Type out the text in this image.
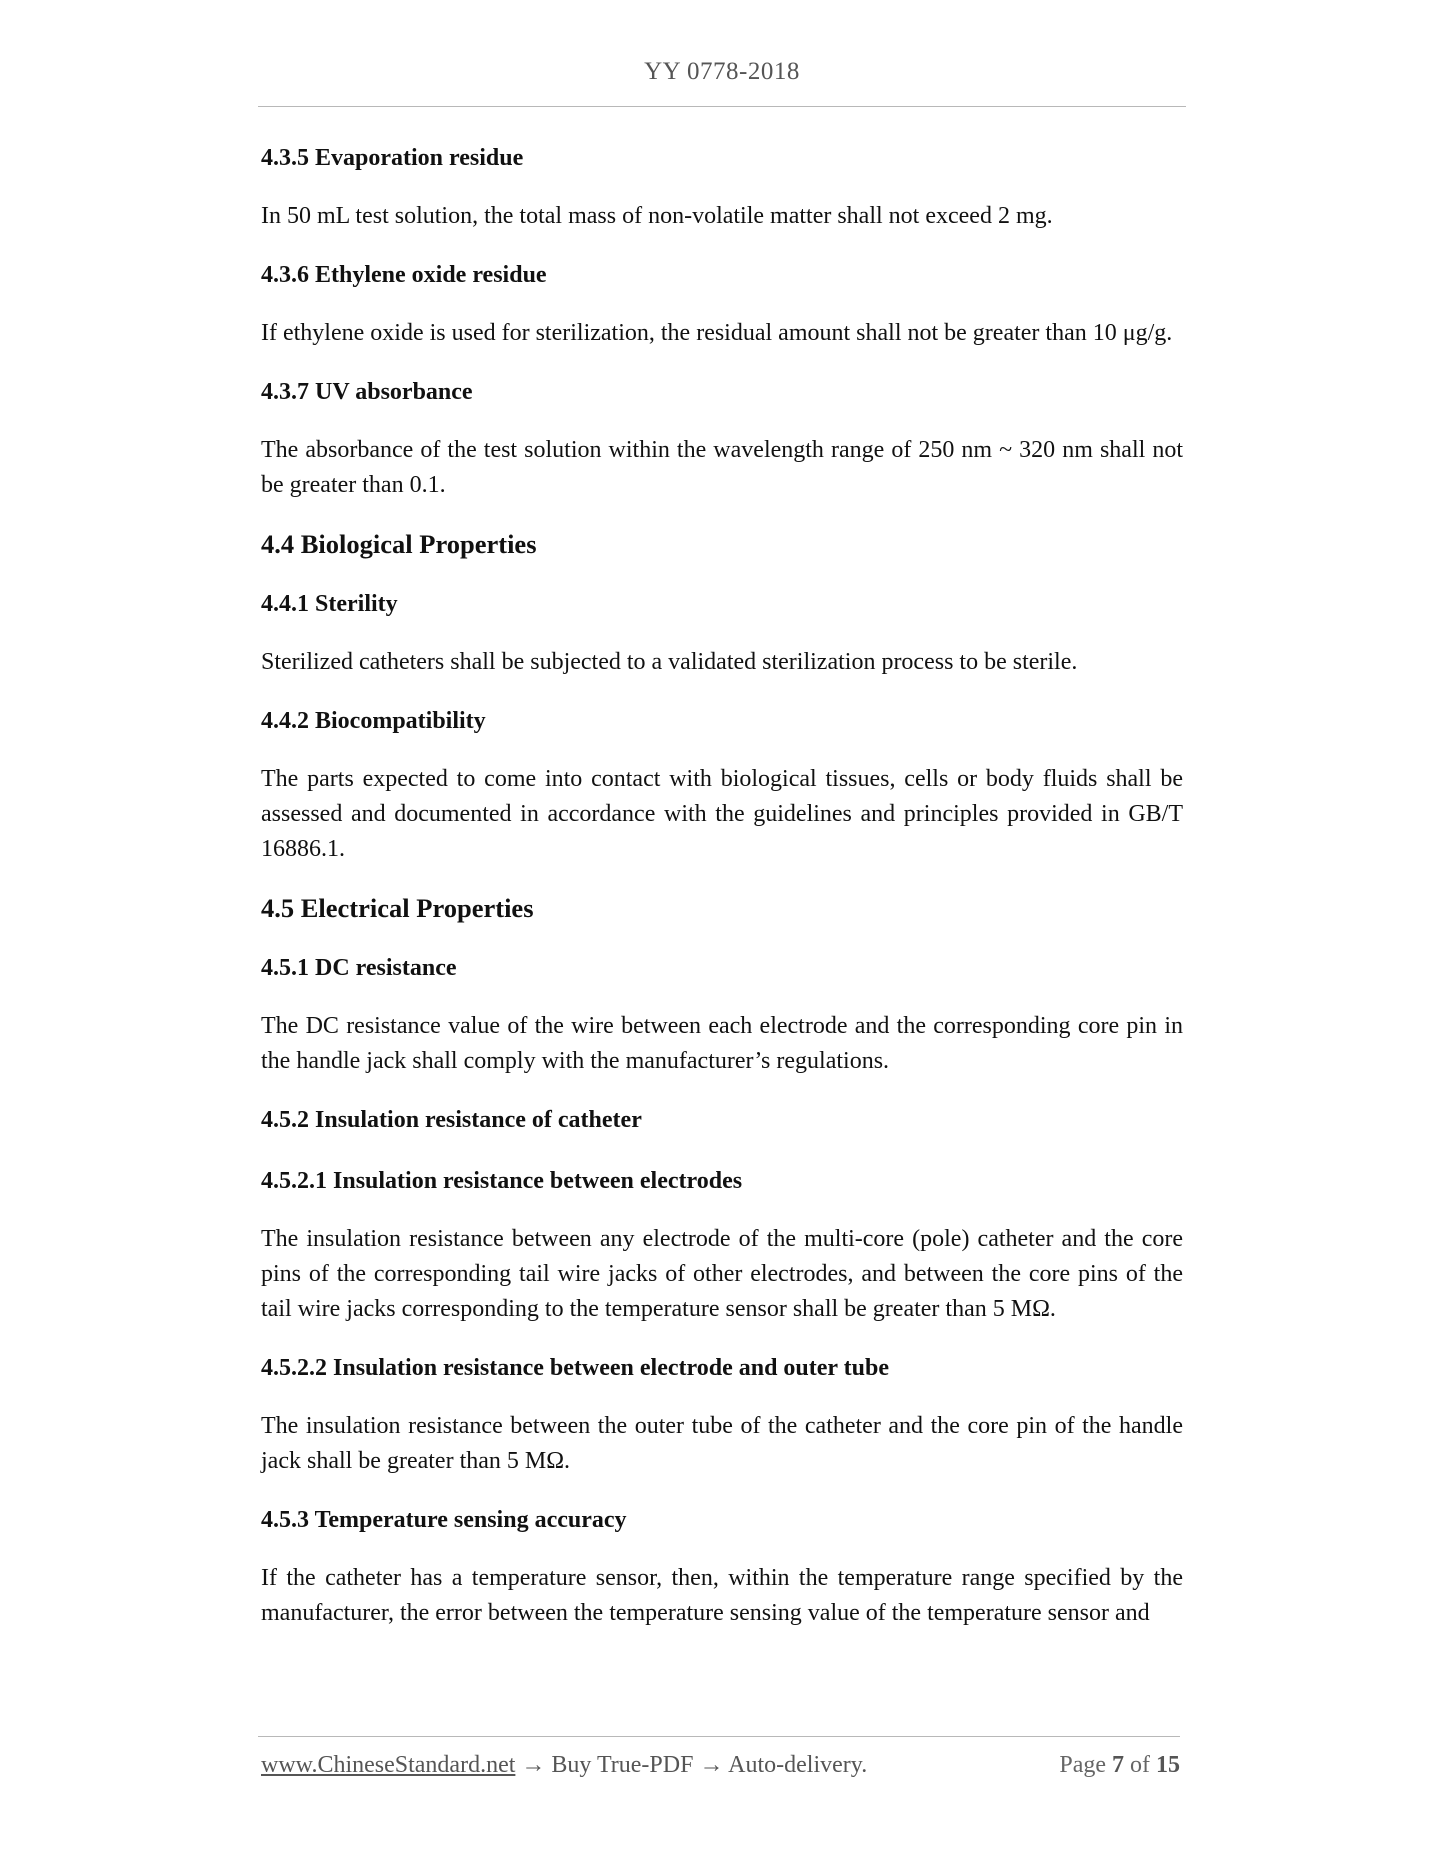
YY 0778-2018
4.3.5 Evaporation residue
In 50 mL test solution, the total mass of non-volatile matter shall not exceed 2 mg.
4.3.6 Ethylene oxide residue
If ethylene oxide is used for sterilization, the residual amount shall not be greater than 10 μg/g.
4.3.7 UV absorbance
The absorbance of the test solution within the wavelength range of 250 nm ~ 320 nm shall not be greater than 0.1.
4.4 Biological Properties
4.4.1 Sterility
Sterilized catheters shall be subjected to a validated sterilization process to be sterile.
4.4.2 Biocompatibility
The parts expected to come into contact with biological tissues, cells or body fluids shall be assessed and documented in accordance with the guidelines and principles provided in GB/T 16886.1.
4.5 Electrical Properties
4.5.1 DC resistance
The DC resistance value of the wire between each electrode and the corresponding core pin in the handle jack shall comply with the manufacturer’s regulations.
4.5.2 Insulation resistance of catheter
4.5.2.1 Insulation resistance between electrodes
The insulation resistance between any electrode of the multi-core (pole) catheter and the core pins of the corresponding tail wire jacks of other electrodes, and between the core pins of the tail wire jacks corresponding to the temperature sensor shall be greater than 5 MΩ.
4.5.2.2 Insulation resistance between electrode and outer tube
The insulation resistance between the outer tube of the catheter and the core pin of the handle jack shall be greater than 5 MΩ.
4.5.3 Temperature sensing accuracy
If the catheter has a temperature sensor, then, within the temperature range specified by the manufacturer, the error between the temperature sensing value of the temperature sensor and
www.ChineseStandard.net → Buy True-PDF → Auto-delivery.	Page 7 of 15
